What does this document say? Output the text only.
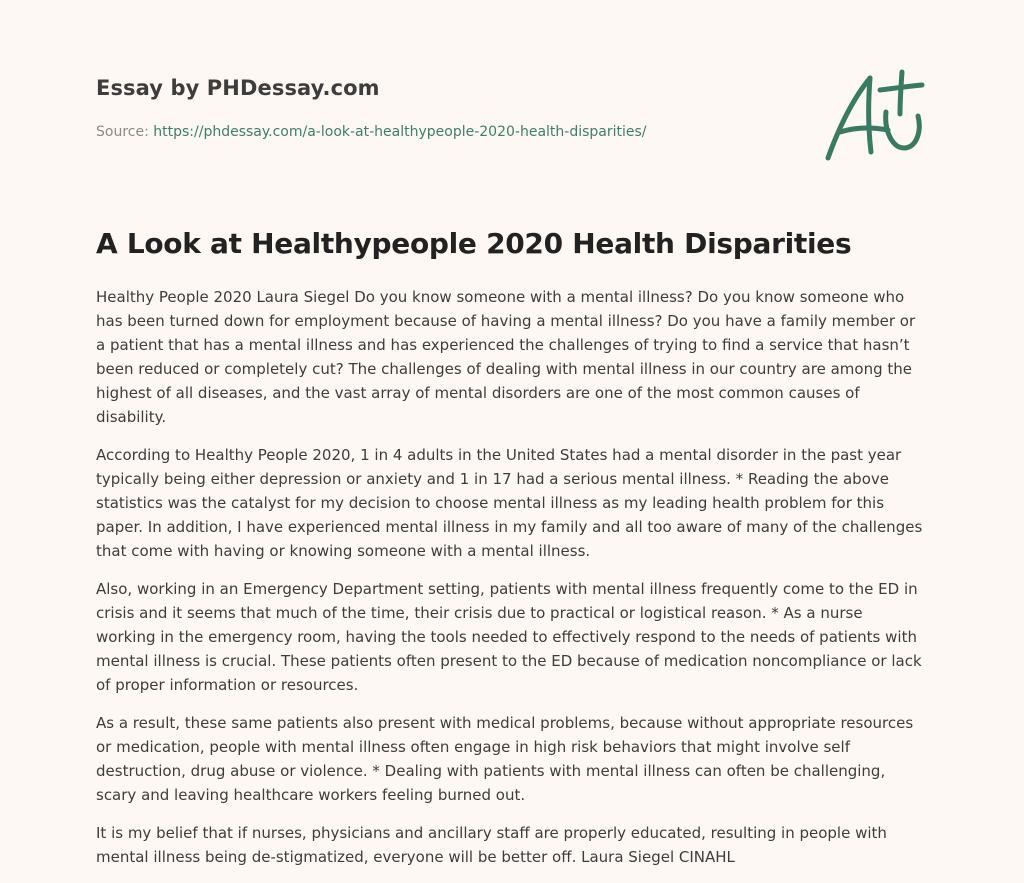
Essay by PHDessay.com
Source: https://phdessay.com/a-look-at-healthypeople-2020-health-disparities/
A Look at Healthypeople 2020 Health Disparities

Healthy People 2020 Laura Siegel Do you know someone with a mental illness? Do you know someone who has been turned down for employment because of having a mental illness? Do you have a family member or a patient that has a mental illness and has experienced the challenges of trying to find a service that hasn’t been reduced or completely cut? The challenges of dealing with mental illness in our country are among the highest of all diseases, and the vast array of mental disorders are one of the most common causes of disability.

According to Healthy People 2020, 1 in 4 adults in the United States had a mental disorder in the past year typically being either depression or anxiety and 1 in 17 had a serious mental illness. * Reading the above statistics was the catalyst for my decision to choose mental illness as my leading health problem for this paper. In addition, I have experienced mental illness in my family and all too aware of many of the challenges that come with having or knowing someone with a mental illness.

Also, working in an Emergency Department setting, patients with mental illness frequently come to the ED in crisis and it seems that much of the time, their crisis due to practical or logistical reason. * As a nurse working in the emergency room, having the tools needed to effectively respond to the needs of patients with mental illness is crucial. These patients often present to the ED because of medication noncompliance or lack of proper information or resources.

As a result, these same patients also present with medical problems, because without appropriate resources or medication, people with mental illness often engage in high risk behaviors that might involve self destruction, drug abuse or violence. * Dealing with patients with mental illness can often be challenging, scary and leaving healthcare workers feeling burned out.

It is my belief that if nurses, physicians and ancillary staff are properly educated, resulting in people with mental illness being de-stigmatized, everyone will be better off. Laura Siegel CINAHL
